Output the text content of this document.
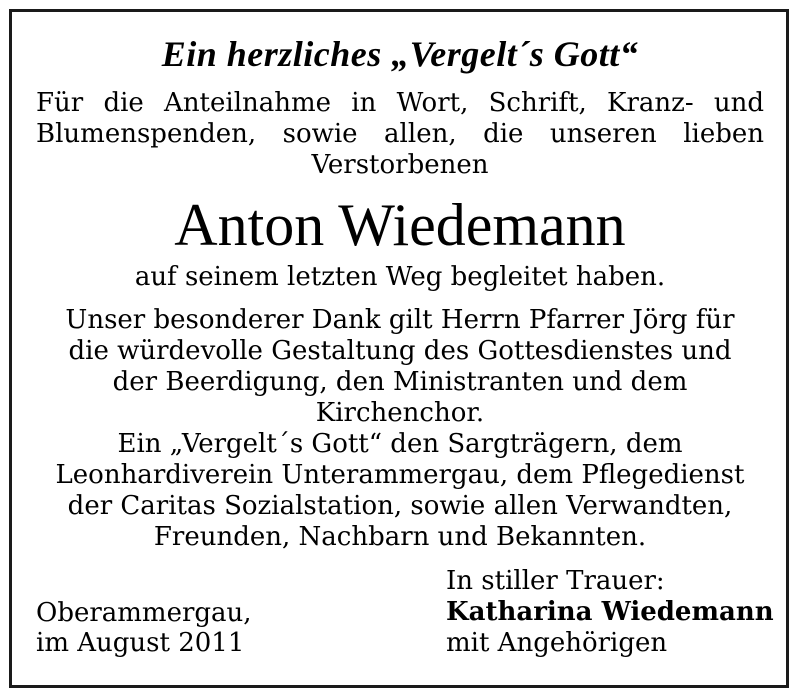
Ein herzliches „Vergelt´s Gott“
Für die Anteilnahme in Wort, Schrift, Kranz- und
Blumenspenden, sowie allen, die unseren lieben
Verstorbenen
Anton Wiedemann
auf seinem letzten Weg begleitet haben.
Unser besonderer Dank gilt Herrn Pfarrer Jörg für
die würdevolle Gestaltung des Gottesdienstes und
der Beerdigung, den Ministranten und dem
Kirchenchor.
Ein „Vergelt´s Gott“ den Sargträgern, dem
Leonhardiverein Unterammergau, dem Pflegedienst
der Caritas Sozialstation, sowie allen Verwandten,
Freunden, Nachbarn und Bekannten.
Oberammergau,
im August 2011
In stiller Trauer:
Katharina Wiedemann
mit Angehörigen
